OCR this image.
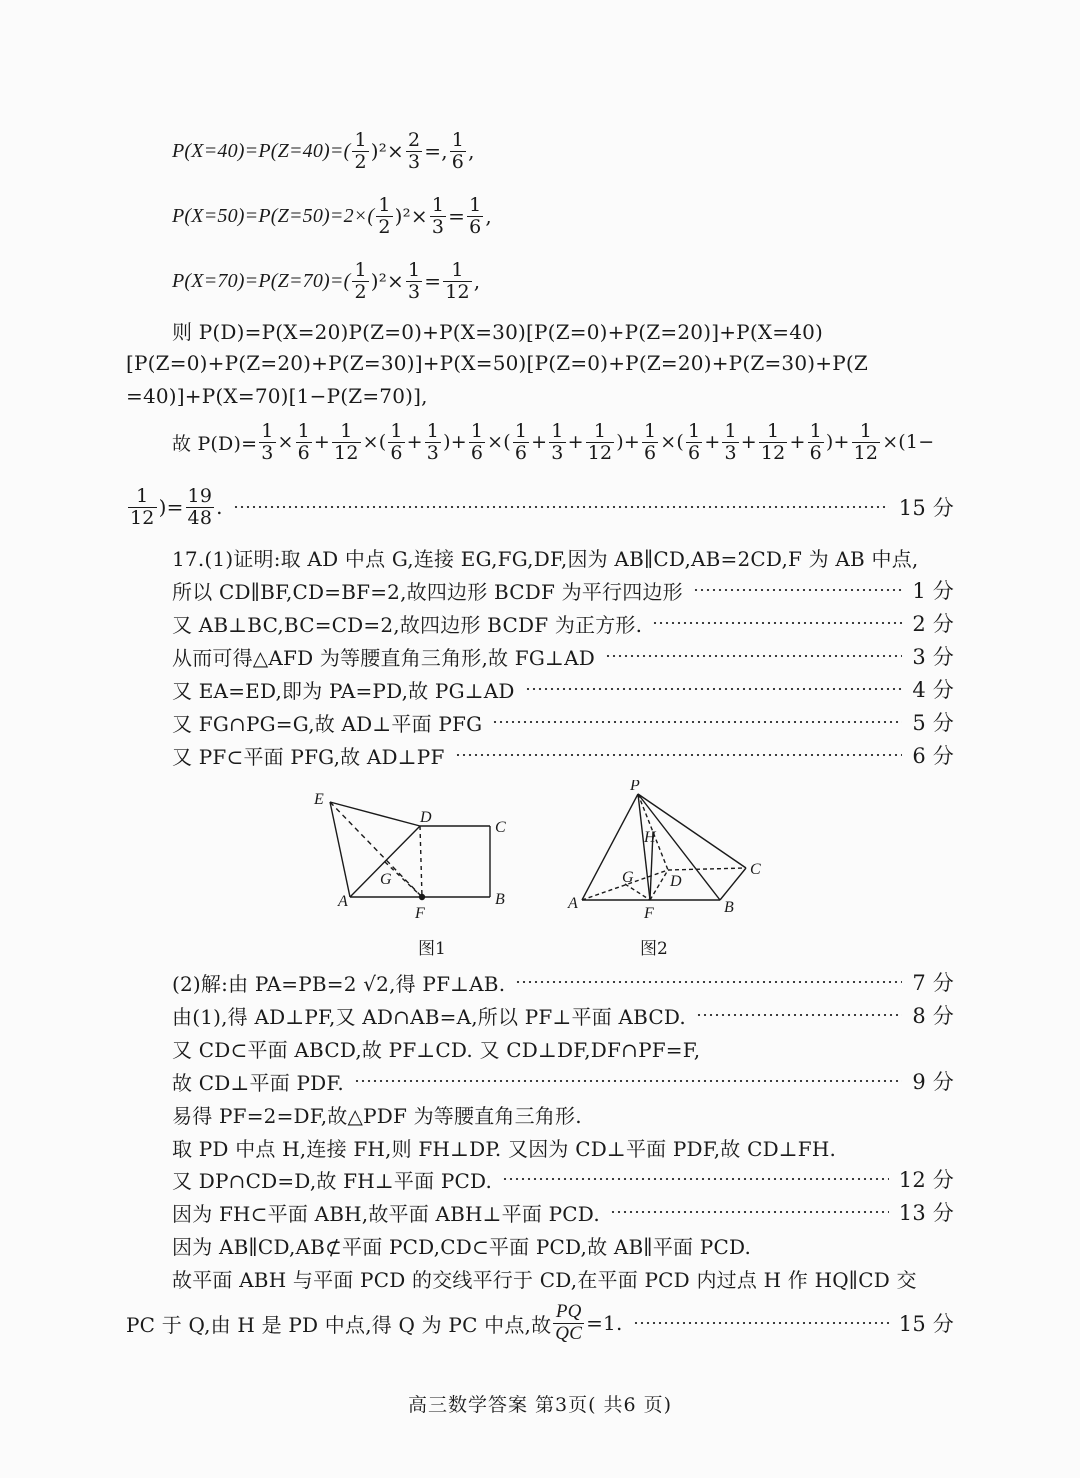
$P(X=40)=P(Z=40)=( \frac{1}{2} )^2\times \frac{2}{3}$ =, $\frac{1}{6}$ ,
$P(X=50)=P(Z=50)=2\times( \frac{1}{2} )^2\times \frac{1}{3} = \frac{1}{6}$ ,
$P(X=70)=P(Z=70)=( \frac{1}{2} )^2\times \frac{1}{3} = \frac{1}{12}$ ,
则 P(D)=P(X=20)P(Z=0)+P(X=30)[P(Z=0)+P(Z=20)]+P(X=40)
[P(Z=0)+P(Z=20)+P(Z=30)]+P(X=50)[P(Z=0)+P(Z=20)+P(Z=30)+P(Z
=40)]+P(X=70)[1−P(Z=70)],
故 $P(D)= \frac{1}{3} \times \frac{1}{6} + \frac{1}{12}$ ×( $\frac{1}{6} + \frac{1}{3}$ )+ $\frac{1}{6}$ ×( $\frac{1}{6} + \frac{1}{3} + \frac{1}{12}$ )+ $\frac{1}{6}$ ×( $\frac{1}{6} + \frac{1}{3} + \frac{1}{12} + \frac{1}{6}$ )+ $\frac{1}{12} \times(1-$
$\frac{1}{12}$ )= $\frac{19}{48}$ .	15 分
17.(1)证明:取 AD 中点 G,连接 EG,FG,DF,因为 AB∥CD,AB=2CD,F 为 AB 中点,
所以 CD∥BF,CD=BF=2,故四边形 BCDF 为平行四边形	1 分
又 AB⊥BC,BC=CD=2,故四边形 BCDF 为正方形.	2 分
从而可得△AFD 为等腰直角三角形,故 FG⊥AD	3 分
又 EA=ED,即为 PA=PD,故 PG⊥AD	4 分
又 FG∩PG=G,故 AD⊥平面 PFG	5 分
又 PF⊂平面 PFG,故 AD⊥PF	6 分
E
D
C
G
A
F
B
P
H
G D
C
A
F	B
图1	图2
(2)解:由 PA=PB=2 √2,得 PF⊥AB.	7 分
由(1),得 AD⊥PF,又 AD∩AB=A,所以 PF⊥平面 ABCD.	8 分
又 CD⊂平面 ABCD,故 PF⊥CD. 又 CD⊥DF,DF∩PF=F,
故 CD⊥平面 PDF.	9 分
易得 PF=2=DF,故△PDF 为等腰直角三角形.
取 PD 中点 H,连接 FH,则 FH⊥DP. 又因为 CD⊥平面 PDF,故 CD⊥FH.
又 DP∩CD=D,故 FH⊥平面 PCD.	12 分
因为 FH⊂平面 ABH,故平面 ABH⊥平面 PCD.	13 分
因为 AB∥CD,AB⊄平面 PCD,CD⊂平面 PCD,故 AB∥平面 PCD.
故平面 ABH 与平面 PCD 的交线平行于 CD,在平面 PCD 内过点 H 作 HQ∥CD 交
PC 于 Q,由 H 是 PD 中点,得 Q 为 PC 中点,故 $\frac{PQ}{QC} =1$.	15 分
高三数学答案 第3页( 共6 页)
